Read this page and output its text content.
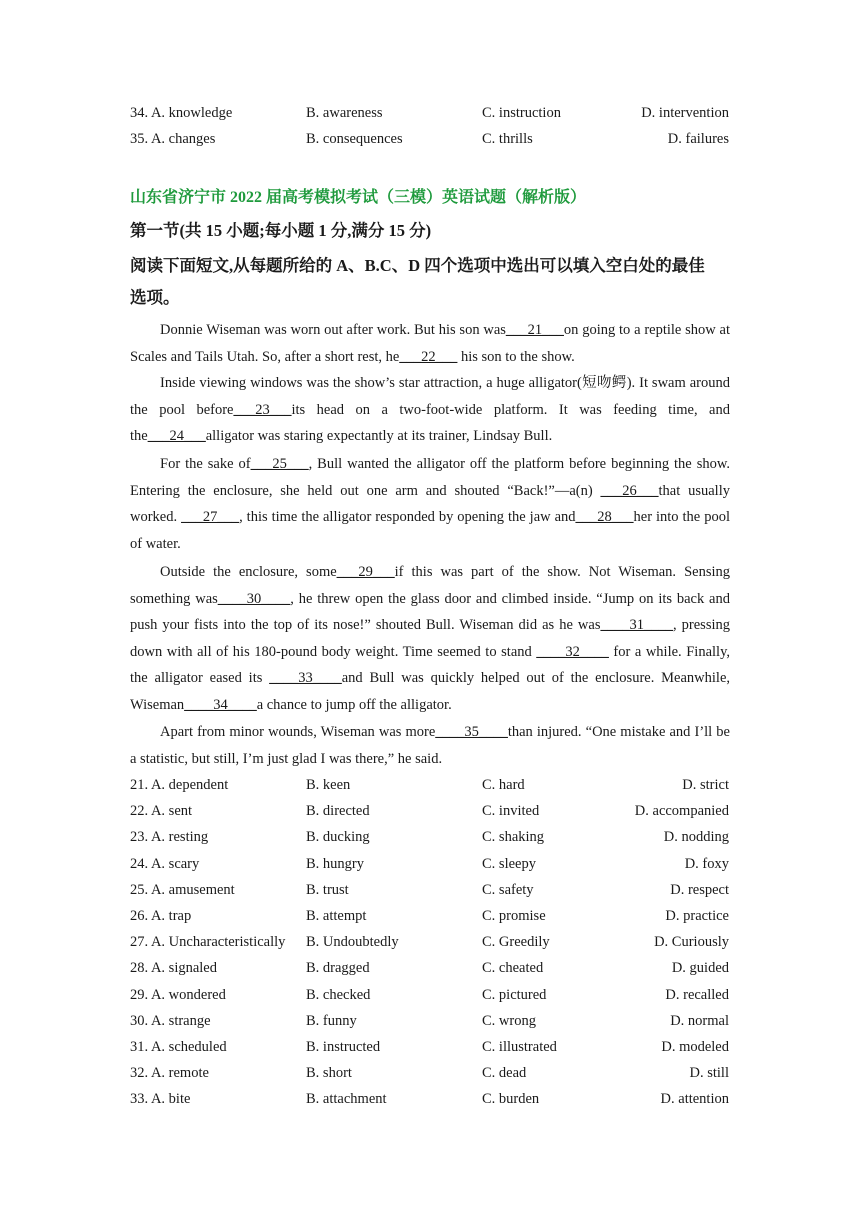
34. A. knowledge	B. awareness	C. instruction	D. intervention
35. A. changes	B. consequences	C. thrills	D. failures
山东省济宁市 2022 届高考模拟考试（三模）英语试题（解析版）
第一节(共 15 小题;每小题 1 分,满分 15 分)
阅读下面短文,从每题所给的 A、B.C、D 四个选项中选出可以填入空白处的最佳
选项。
Donnie Wiseman was worn out after work. But his son was___21___on going to a reptile show at Scales and Tails Utah. So, after a short rest, he___22___ his son to the show.
Inside viewing windows was the show’s star attraction, a huge alligator(短吻鳄). It swam around the pool before___23___its head on a two-foot-wide platform. It was feeding time, and the___24___alligator was staring expectantly at its trainer, Lindsay Bull.
For the sake of___25___, Bull wanted the alligator off the platform before beginning the show. Entering the enclosure, she held out one arm and shouted “Back!”—a(n) ___26___that usually worked. ___27___, this time the alligator responded by opening the jaw and___28___her into the pool of water.
Outside the enclosure, some___29___if this was part of the show. Not Wiseman. Sensing something was____30____, he threw open the glass door and climbed inside. “Jump on its back and push your fists into the top of its nose!” shouted Bull. Wiseman did as he was____31____, pressing down with all of his 180-pound body weight. Time seemed to stand ____32____ for a while. Finally, the alligator eased its ____33____and Bull was quickly helped out of the enclosure. Meanwhile, Wiseman____34____a chance to jump off the alligator.
Apart from minor wounds, Wiseman was more____35____than injured. “One mistake and I’ll be a statistic, but still, I’m just glad I was there,” he said.
21. A. dependent	B. keen	C. hard	D. strict
22. A. sent	B. directed	C. invited	D. accompanied
23. A. resting	B. ducking	C. shaking	D. nodding
24. A. scary	B. hungry	C. sleepy	D. foxy
25. A. amusement	B. trust	C. safety	D. respect
26. A. trap	B. attempt	C. promise	D. practice
27. A. Uncharacteristically B. Undoubtedly	C. Greedily	D. Curiously
28. A. signaled	B. dragged	C. cheated	D. guided
29. A. wondered	B. checked	C. pictured	D. recalled
30. A. strange	B. funny	C. wrong	D. normal
31. A. scheduled	B. instructed	C. illustrated	D. modeled
32. A. remote	B. short	C. dead	D. still
33. A. bite	B. attachment	C. burden	D. attention
